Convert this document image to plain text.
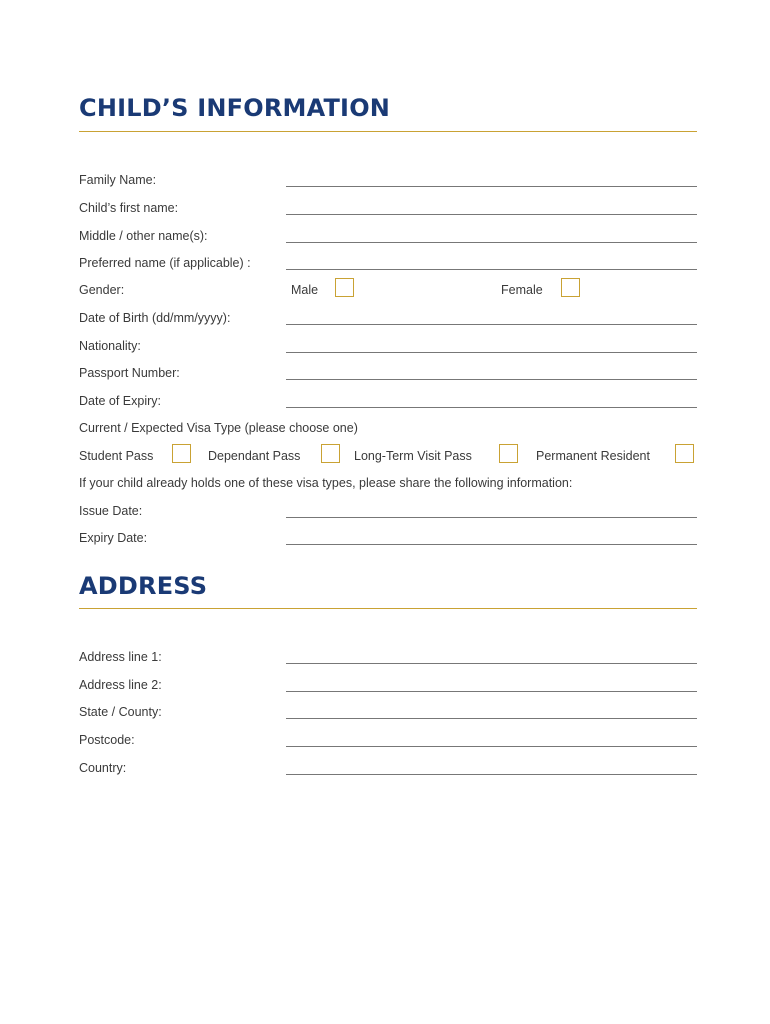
CHILD’S INFORMATION
Family Name:
Child’s first name:
Middle / other name(s):
Preferred name (if applicable) :
Gender:	Male	Female
Date of Birth (dd/mm/yyyy):
Nationality:
Passport Number:
Date of Expiry:
Current / Expected Visa Type (please choose one)
Student Pass	Dependant Pass	Long-Term Visit Pass	Permanent Resident
If your child already holds one of these visa types, please share the following information:
Issue Date:
Expiry Date:
ADDRESS
Address line 1:
Address line 2:
State / County:
Postcode:
Country:
